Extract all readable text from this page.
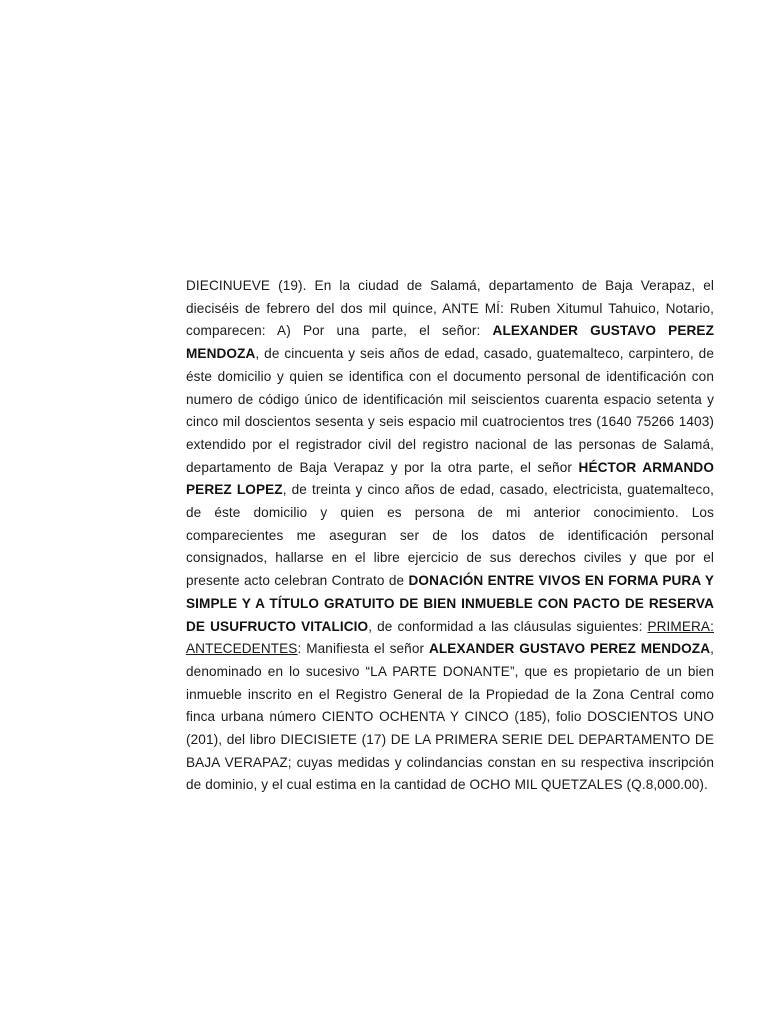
DIECINUEVE (19). En la ciudad de Salamá, departamento de Baja Verapaz, el dieciséis de febrero del dos mil quince, ANTE MÍ: Ruben Xitumul Tahuico, Notario, comparecen: A) Por una parte, el señor: ALEXANDER GUSTAVO PEREZ MENDOZA, de cincuenta y seis años de edad, casado, guatemalteco, carpintero, de éste domicilio y quien se identifica con el documento personal de identificación con numero de código único de identificación mil seiscientos cuarenta espacio setenta y cinco mil doscientos sesenta y seis espacio mil cuatrocientos tres (1640 75266 1403) extendido por el registrador civil del registro nacional de las personas de Salamá, departamento de Baja Verapaz y por la otra parte, el señor HÉCTOR ARMANDO PEREZ LOPEZ, de treinta y cinco años de edad, casado, electricista, guatemalteco, de éste domicilio y quien es persona de mi anterior conocimiento. Los comparecientes me aseguran ser de los datos de identificación personal consignados, hallarse en el libre ejercicio de sus derechos civiles y que por el presente acto celebran Contrato de DONACIÓN ENTRE VIVOS EN FORMA PURA Y SIMPLE Y A TÍTULO GRATUITO DE BIEN INMUEBLE CON PACTO DE RESERVA DE USUFRUCTO VITALICIO, de conformidad a las cláusulas siguientes: PRIMERA: ANTECEDENTES: Manifiesta el señor ALEXANDER GUSTAVO PEREZ MENDOZA, denominado en lo sucesivo “LA PARTE DONANTE”, que es propietario de un bien inmueble inscrito en el Registro General de la Propiedad de la Zona Central como finca urbana número CIENTO OCHENTA Y CINCO (185), folio DOSCIENTOS UNO (201), del libro DIECISIETE (17) DE LA PRIMERA SERIE DEL DEPARTAMENTO DE BAJA VERAPAZ; cuyas medidas y colindancias constan en su respectiva inscripción de dominio, y el cual estima en la cantidad de OCHO MIL QUETZALES (Q.8,000.00).
